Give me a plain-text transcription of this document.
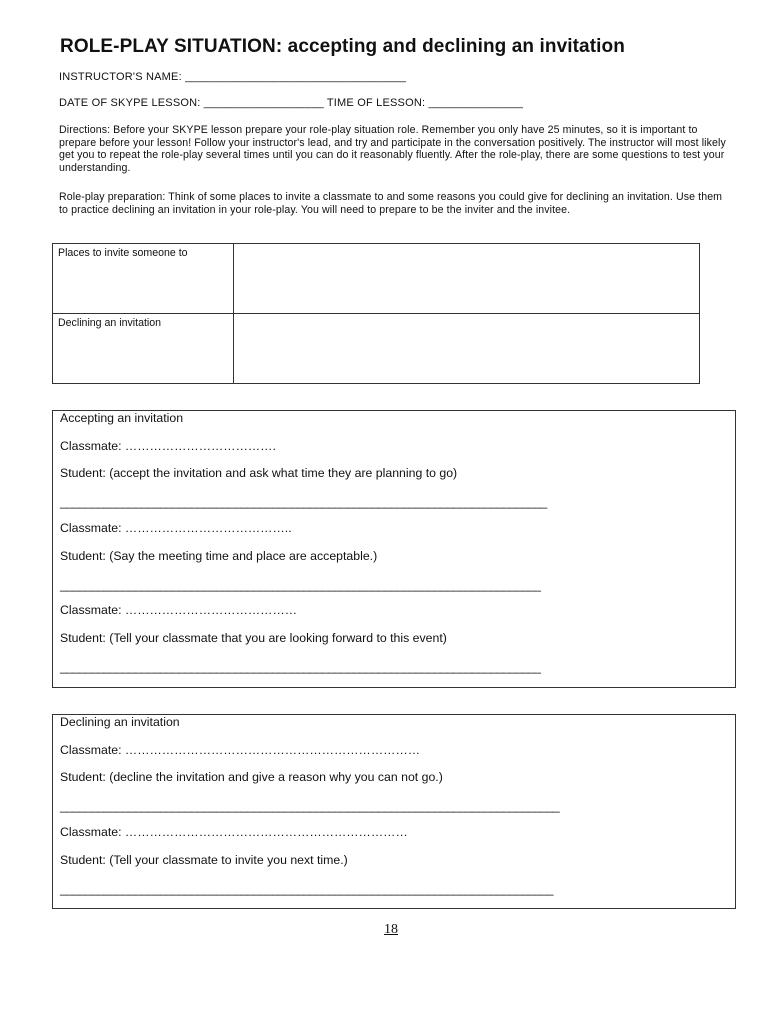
ROLE-PLAY SITUATION: accepting and declining an invitation
INSTRUCTOR'S NAME: ___________________________________
DATE OF SKYPE LESSON: ___________________ TIME OF LESSON: _______________
Directions: Before your SKYPE lesson prepare your role-play situation role. Remember you only have 25 minutes, so it is important to prepare before your lesson! Follow your instructor's lead, and try and participate in the conversation positively. The instructor will most likely get you to repeat the role-play several times until you can do it reasonably fluently. After the role-play, there are some questions to test your understanding.
Role-play preparation: Think of some places to invite a classmate to and some reasons you could give for declining an invitation. Use them to practice declining an invitation in your role-play. You will need to prepare to be the inviter and the invitee.
Places to invite someone to	
Declining an invitation	
Accepting an invitation
Classmate: ……………………………….
Student: (accept the invitation and ask what time they are planning to go)
______________________________________________________________________________
Classmate: …………………………………..
Student: (Say the meeting time and place are acceptable.)
_____________________________________________________________________________
Classmate: ……………………………………
Student: (Tell your classmate that you are looking forward to this event)
_____________________________________________________________________________
Declining an invitation
Classmate: ………………………………………………………………
Student: (decline the invitation and give a reason why you can not go.)
________________________________________________________________________________
Classmate: ……………………………………………………………
Student: (Tell your classmate to invite you next time.)
_______________________________________________________________________________
18
